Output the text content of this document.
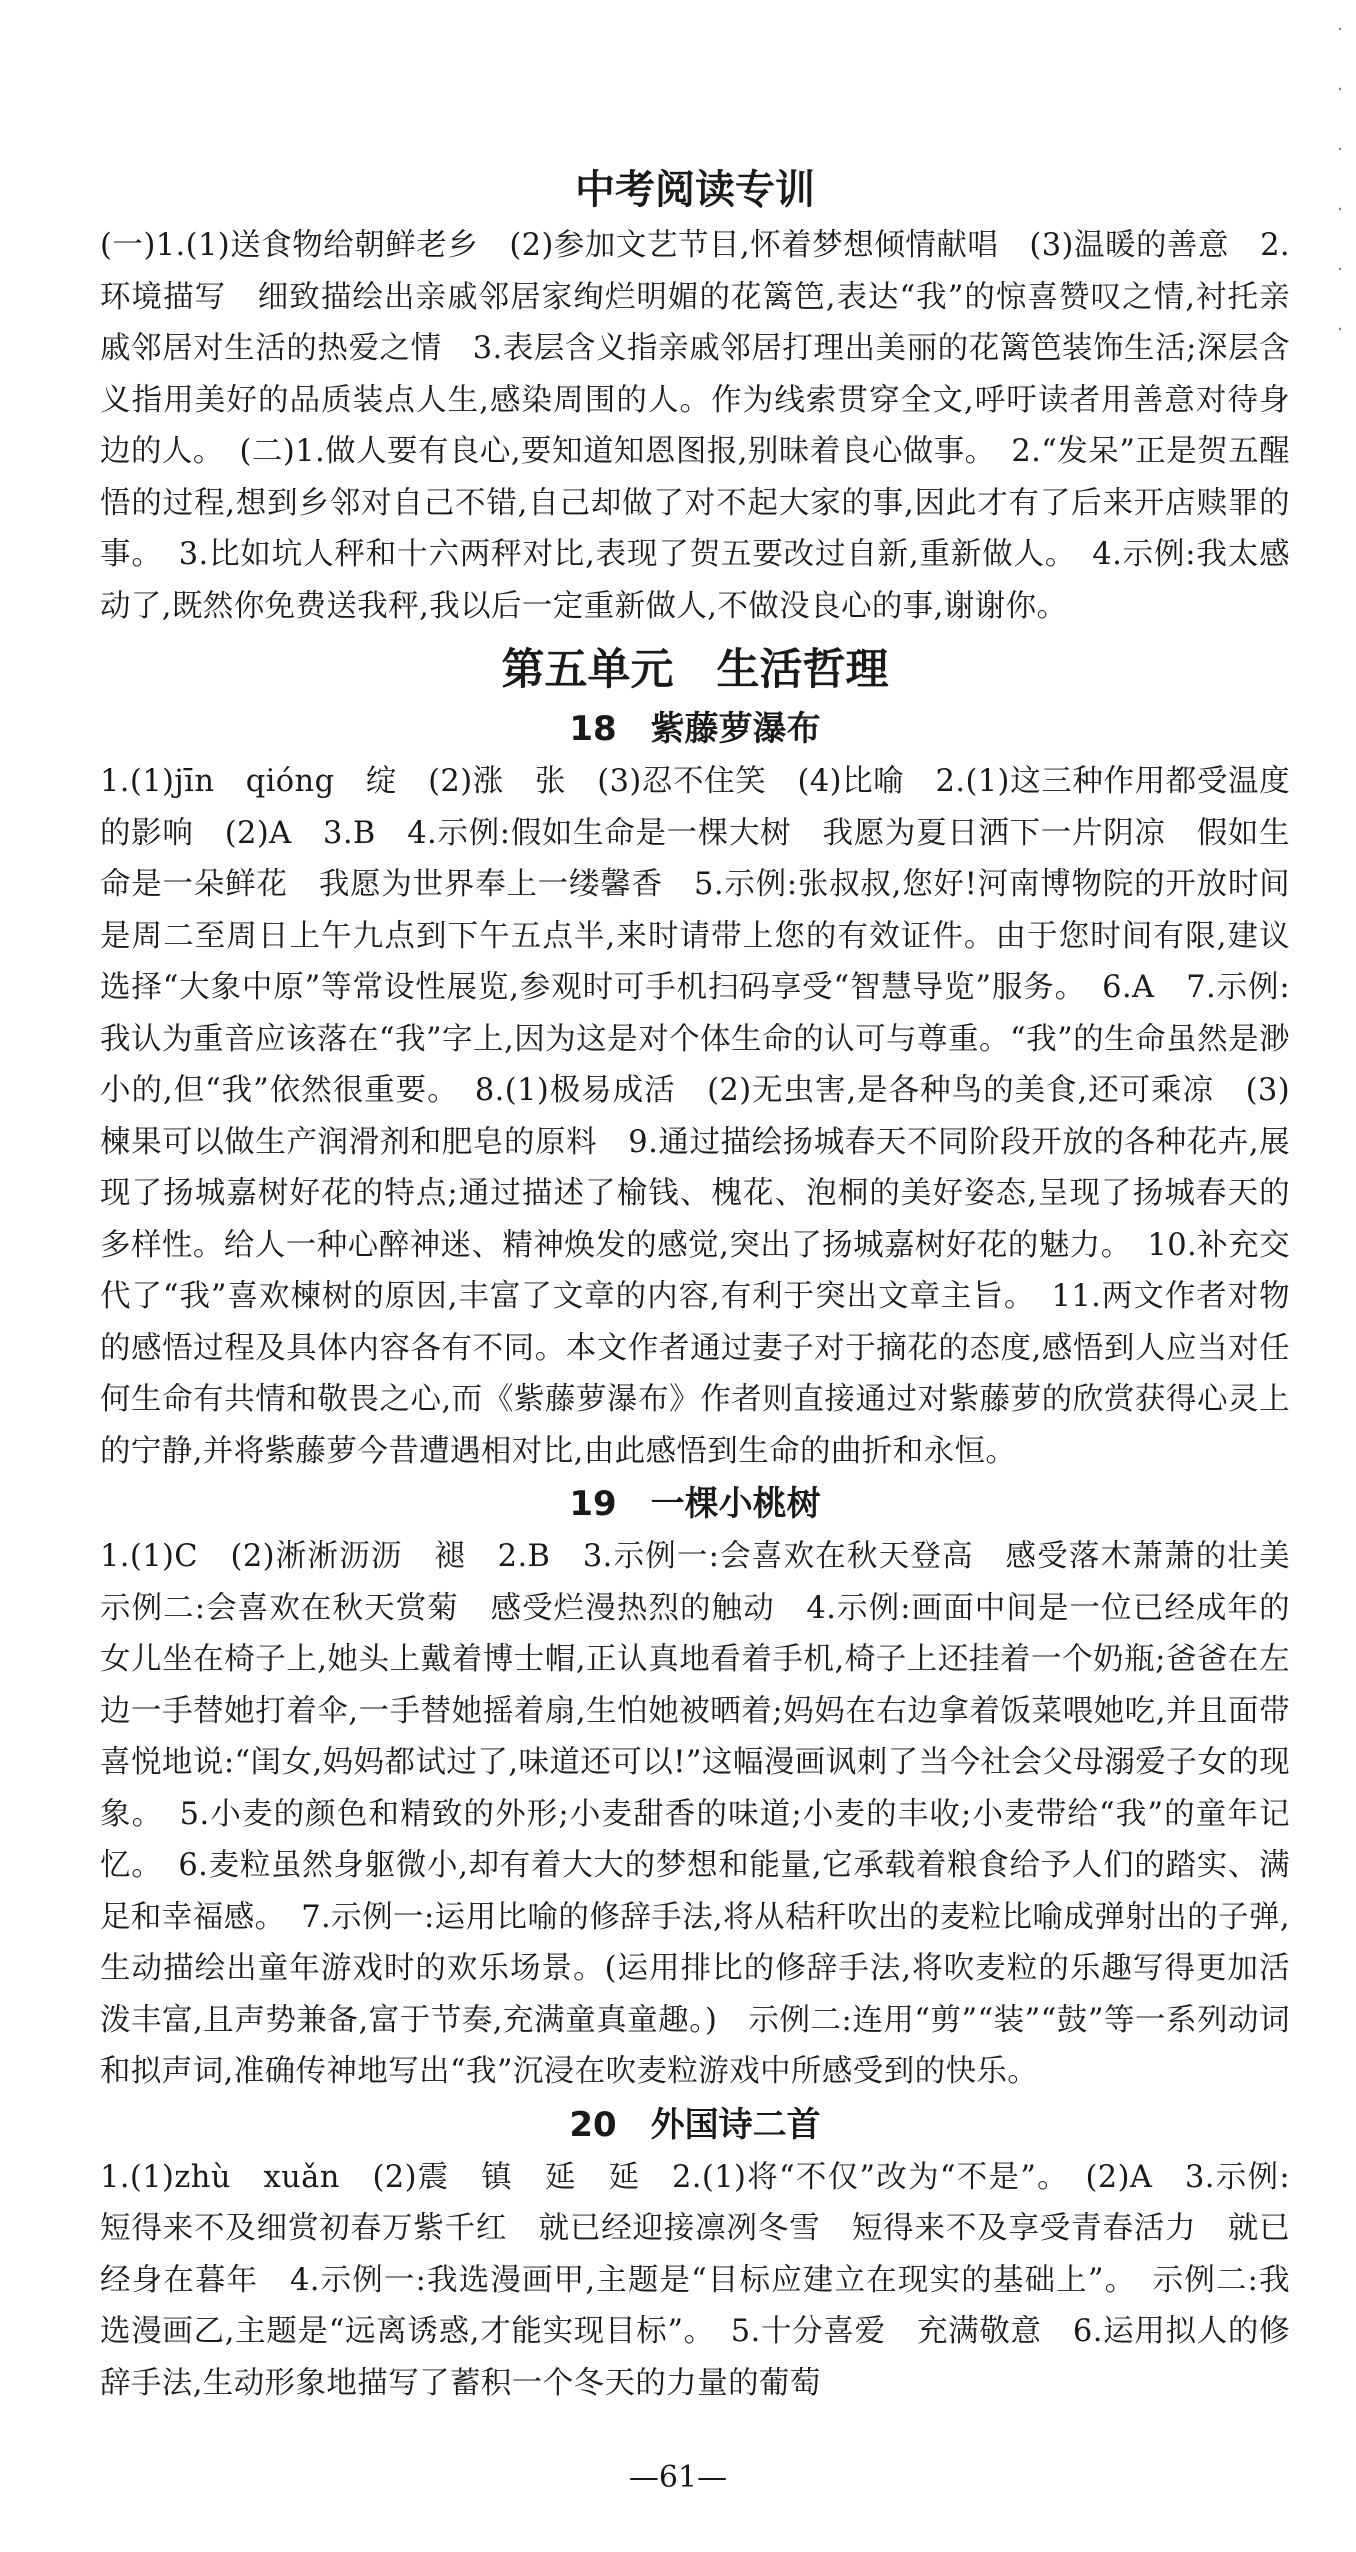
中考阅读专训
(一)1.(1)送食物给朝鲜老乡　(2)参加文艺节目,怀着梦想倾情献唱　(3)温暖的善意　2.环境描写　细致描绘出亲戚邻居家绚烂明媚的花篱笆,表达“我”的惊喜赞叹之情,衬托亲戚邻居对生活的热爱之情　3.表层含义指亲戚邻居打理出美丽的花篱笆装饰生活;深层含义指用美好的品质装点人生,感染周围的人。作为线索贯穿全文,呼吁读者用善意对待身边的人。　(二)1.做人要有良心,要知道知恩图报,别昧着良心做事。　2.“发呆”正是贺五醒悟的过程,想到乡邻对自己不错,自己却做了对不起大家的事,因此才有了后来开店赎罪的事。　3.比如坑人秤和十六两秤对比,表现了贺五要改过自新,重新做人。　4.示例:我太感动了,既然你免费送我秤,我以后一定重新做人,不做没良心的事,谢谢你。
第五单元　生活哲理
18　紫藤萝瀑布
1.(1)jīn　qióng　绽　(2)涨　张　(3)忍不住笑　(4)比喻　2.(1)这三种作用都受温度的影响　(2)A　3.B　4.示例:假如生命是一棵大树　我愿为夏日洒下一片阴凉　假如生命是一朵鲜花　我愿为世界奉上一缕馨香　5.示例:张叔叔,您好!河南博物院的开放时间是周二至周日上午九点到下午五点半,来时请带上您的有效证件。由于您时间有限,建议选择“大象中原”等常设性展览,参观时可手机扫码享受“智慧导览”服务。　6.A　7.示例:我认为重音应该落在“我”字上,因为这是对个体生命的认可与尊重。“我”的生命虽然是渺小的,但“我”依然很重要。　8.(1)极易成活　(2)无虫害,是各种鸟的美食,还可乘凉　(3)楝果可以做生产润滑剂和肥皂的原料　9.通过描绘扬城春天不同阶段开放的各种花卉,展现了扬城嘉树好花的特点;通过描述了榆钱、槐花、泡桐的美好姿态,呈现了扬城春天的多样性。给人一种心醉神迷、精神焕发的感觉,突出了扬城嘉树好花的魅力。　10.补充交代了“我”喜欢楝树的原因,丰富了文章的内容,有利于突出文章主旨。　11.两文作者对物的感悟过程及具体内容各有不同。本文作者通过妻子对于摘花的态度,感悟到人应当对任何生命有共情和敬畏之心,而《紫藤萝瀑布》作者则直接通过对紫藤萝的欣赏获得心灵上的宁静,并将紫藤萝今昔遭遇相对比,由此感悟到生命的曲折和永恒。
19　一棵小桃树
1.(1)C　(2)淅淅沥沥　褪　2.B　3.示例一:会喜欢在秋天登高　感受落木萧萧的壮美　示例二:会喜欢在秋天赏菊　感受烂漫热烈的触动　4.示例:画面中间是一位已经成年的女儿坐在椅子上,她头上戴着博士帽,正认真地看着手机,椅子上还挂着一个奶瓶;爸爸在左边一手替她打着伞,一手替她摇着扇,生怕她被晒着;妈妈在右边拿着饭菜喂她吃,并且面带喜悦地说:“闺女,妈妈都试过了,味道还可以!”这幅漫画讽刺了当今社会父母溺爱子女的现象。　5.小麦的颜色和精致的外形;小麦甜香的味道;小麦的丰收;小麦带给“我”的童年记忆。　6.麦粒虽然身躯微小,却有着大大的梦想和能量,它承载着粮食给予人们的踏实、满足和幸福感。　7.示例一:运用比喻的修辞手法,将从秸秆吹出的麦粒比喻成弹射出的子弹,生动描绘出童年游戏时的欢乐场景。(运用排比的修辞手法,将吹麦粒的乐趣写得更加活泼丰富,且声势兼备,富于节奏,充满童真童趣。)　示例二:连用“剪”“装”“鼓”等一系列动词和拟声词,准确传神地写出“我”沉浸在吹麦粒游戏中所感受到的快乐。
20　外国诗二首
1.(1)zhù　xuǎn　(2)震　镇　延　延　2.(1)将“不仅”改为“不是”。　(2)A　3.示例:短得来不及细赏初春万紫千红　就已经迎接凛冽冬雪　短得来不及享受青春活力　就已经身在暮年　4.示例一:我选漫画甲,主题是“目标应建立在现实的基础上”。　示例二:我选漫画乙,主题是“远离诱惑,才能实现目标”。　5.十分喜爱　充满敬意　6.运用拟人的修辞手法,生动形象地描写了蓄积一个冬天的力量的葡萄
—61—
·
·
·
·
·
·
